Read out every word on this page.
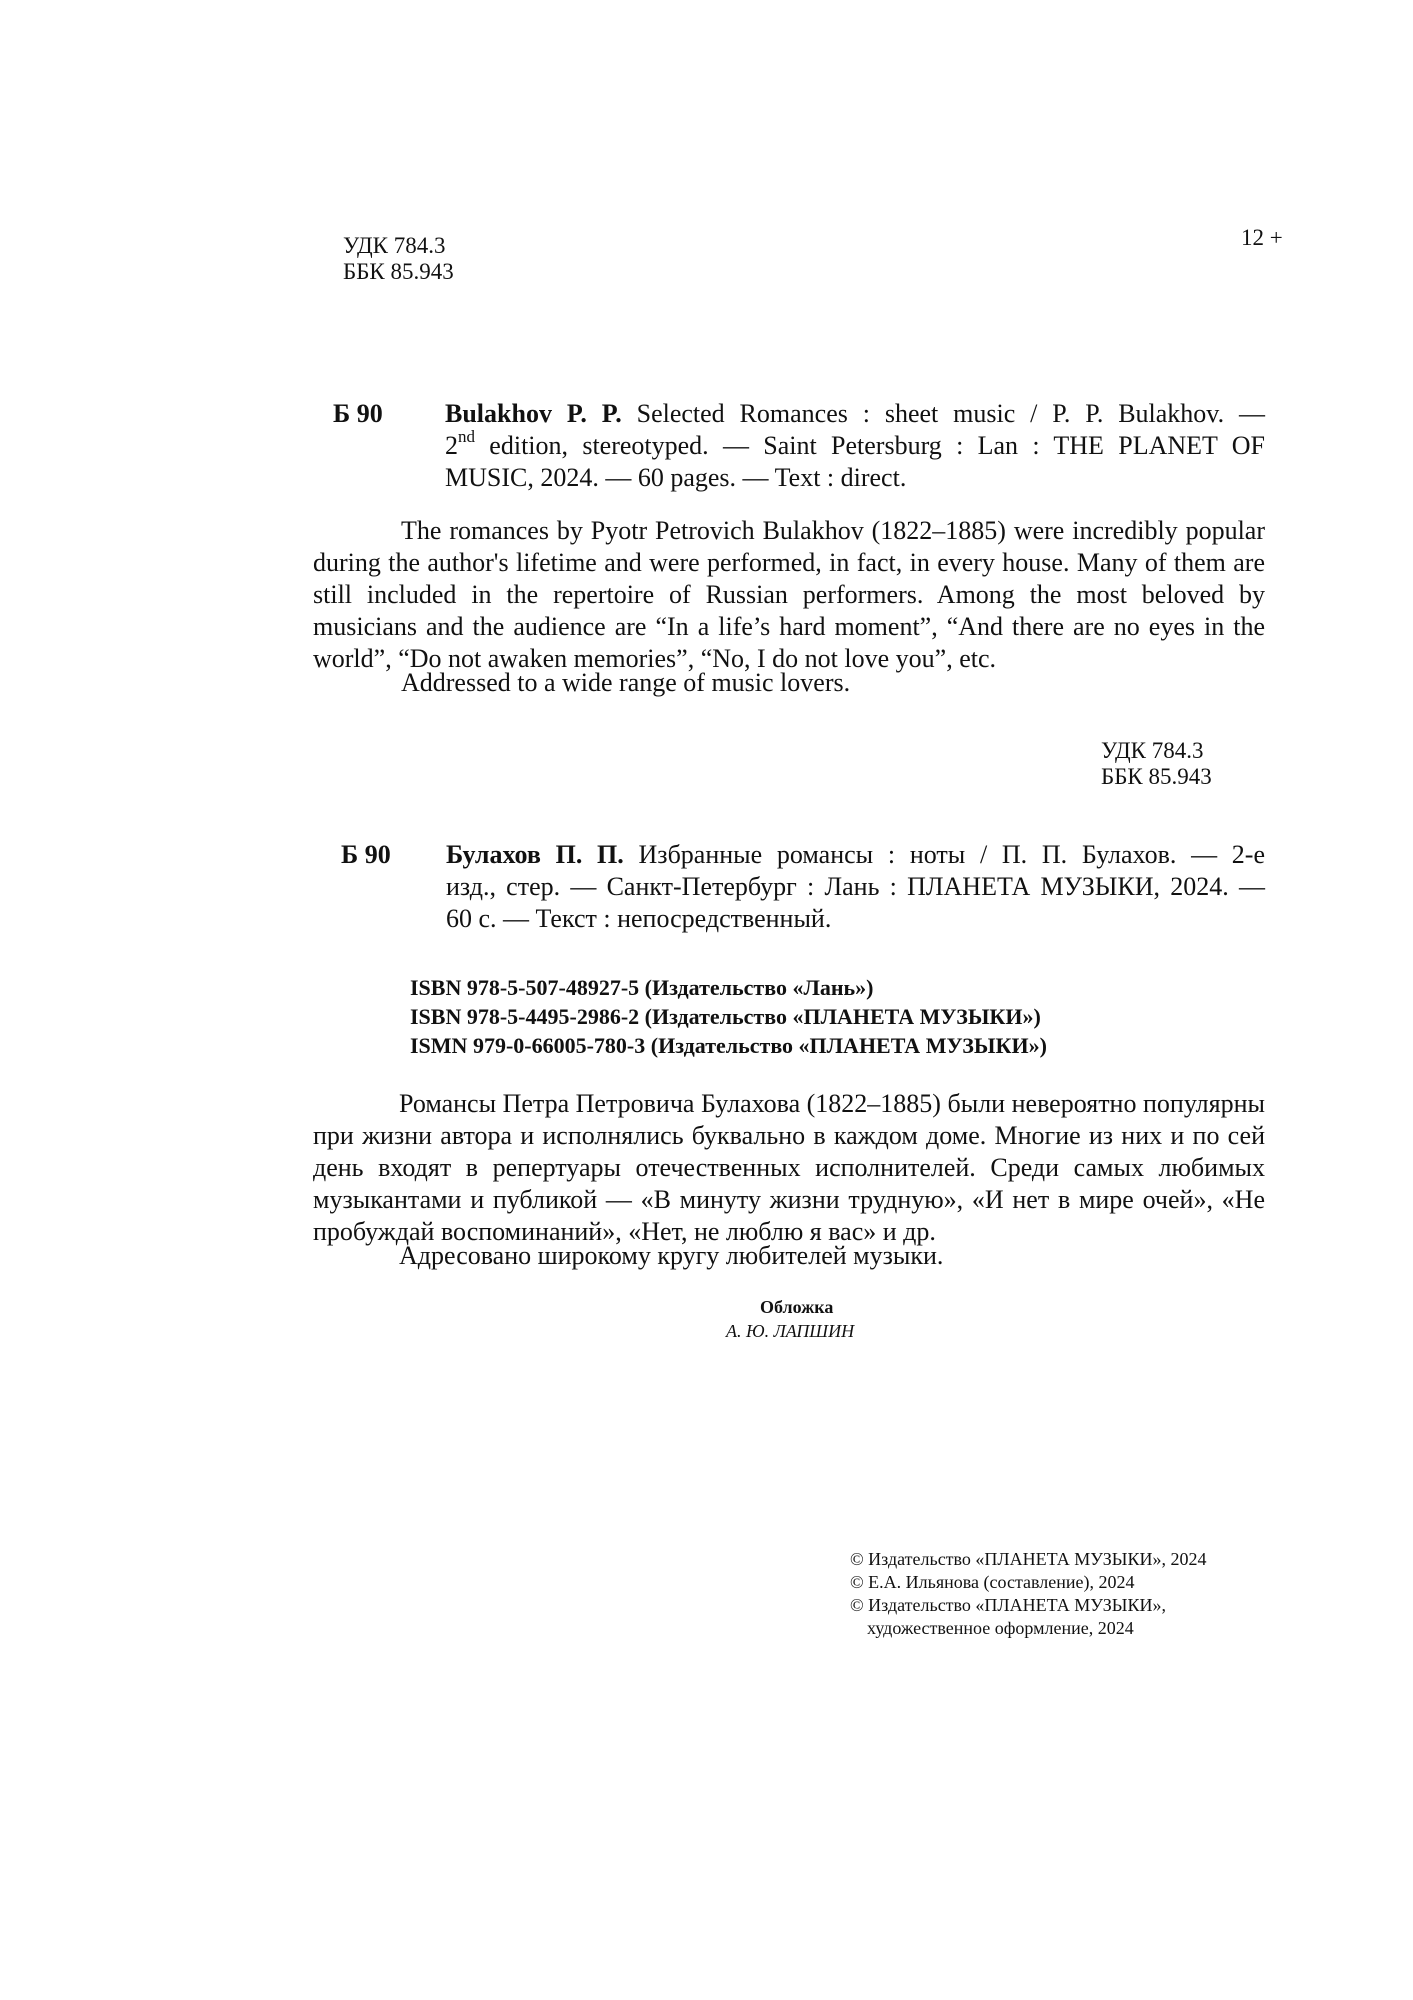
УДК 784.3
ББК 85.943
12 +
Б 90 Bulakhov P. P. Selected Romances : sheet music / P. P. Bulakhov. —
2nd edition, stereotyped. — Saint Petersburg : Lan : THE PLANET OF
MUSIC, 2024. — 60 pages. — Text : direct.

The romances by Pyotr Petrovich Bulakhov (1822–1885) were incredibly popular during the author's lifetime and were performed, in fact, in every house. Many of them are still included in the repertoire of Russian performers. Among the most beloved by musicians and the audience are “In a life’s hard moment”, “And there are no eyes in the world”, “Do not awaken memories”, “No, I do not love you”, etc.

Addressed to a wide range of music lovers.

УДК 784.3
ББК 85.943
Б 90 Булахов П. П. Избранные романсы : ноты / П. П. Булахов. — 2-е
изд., стер. — Санкт-Петербург : Лань : ПЛАНЕТА МУЗЫКИ, 2024. —
60 с. — Текст : непосредственный.
ISBN 978-5-507-48927-5 (Издательство «Лань»)
ISBN 978-5-4495-2986-2 (Издательство «ПЛАНЕТА МУЗЫКИ»)
ISMN 979-0-66005-780-3 (Издательство «ПЛАНЕТА МУЗЫКИ»)

Романсы Петра Петровича Булахова (1822–1885) были невероятно популярны при жизни автора и исполнялись буквально в каждом доме. Многие из них и по сей день входят в репертуары отечественных исполнителей. Среди самых любимых музыкантами и публикой — «В минуту жизни трудную», «И нет в мире очей», «Не пробуждай воспоминаний», «Нет, не люблю я вас» и др.

Адресовано широкому кругу любителей музыки.

Обложка
А. Ю. ЛАПШИН
© Издательство «ПЛАНЕТА МУЗЫКИ», 2024
© Е.А. Ильянова (составление), 2024
© Издательство «ПЛАНЕТА МУЗЫКИ»,
художественное оформление, 2024
